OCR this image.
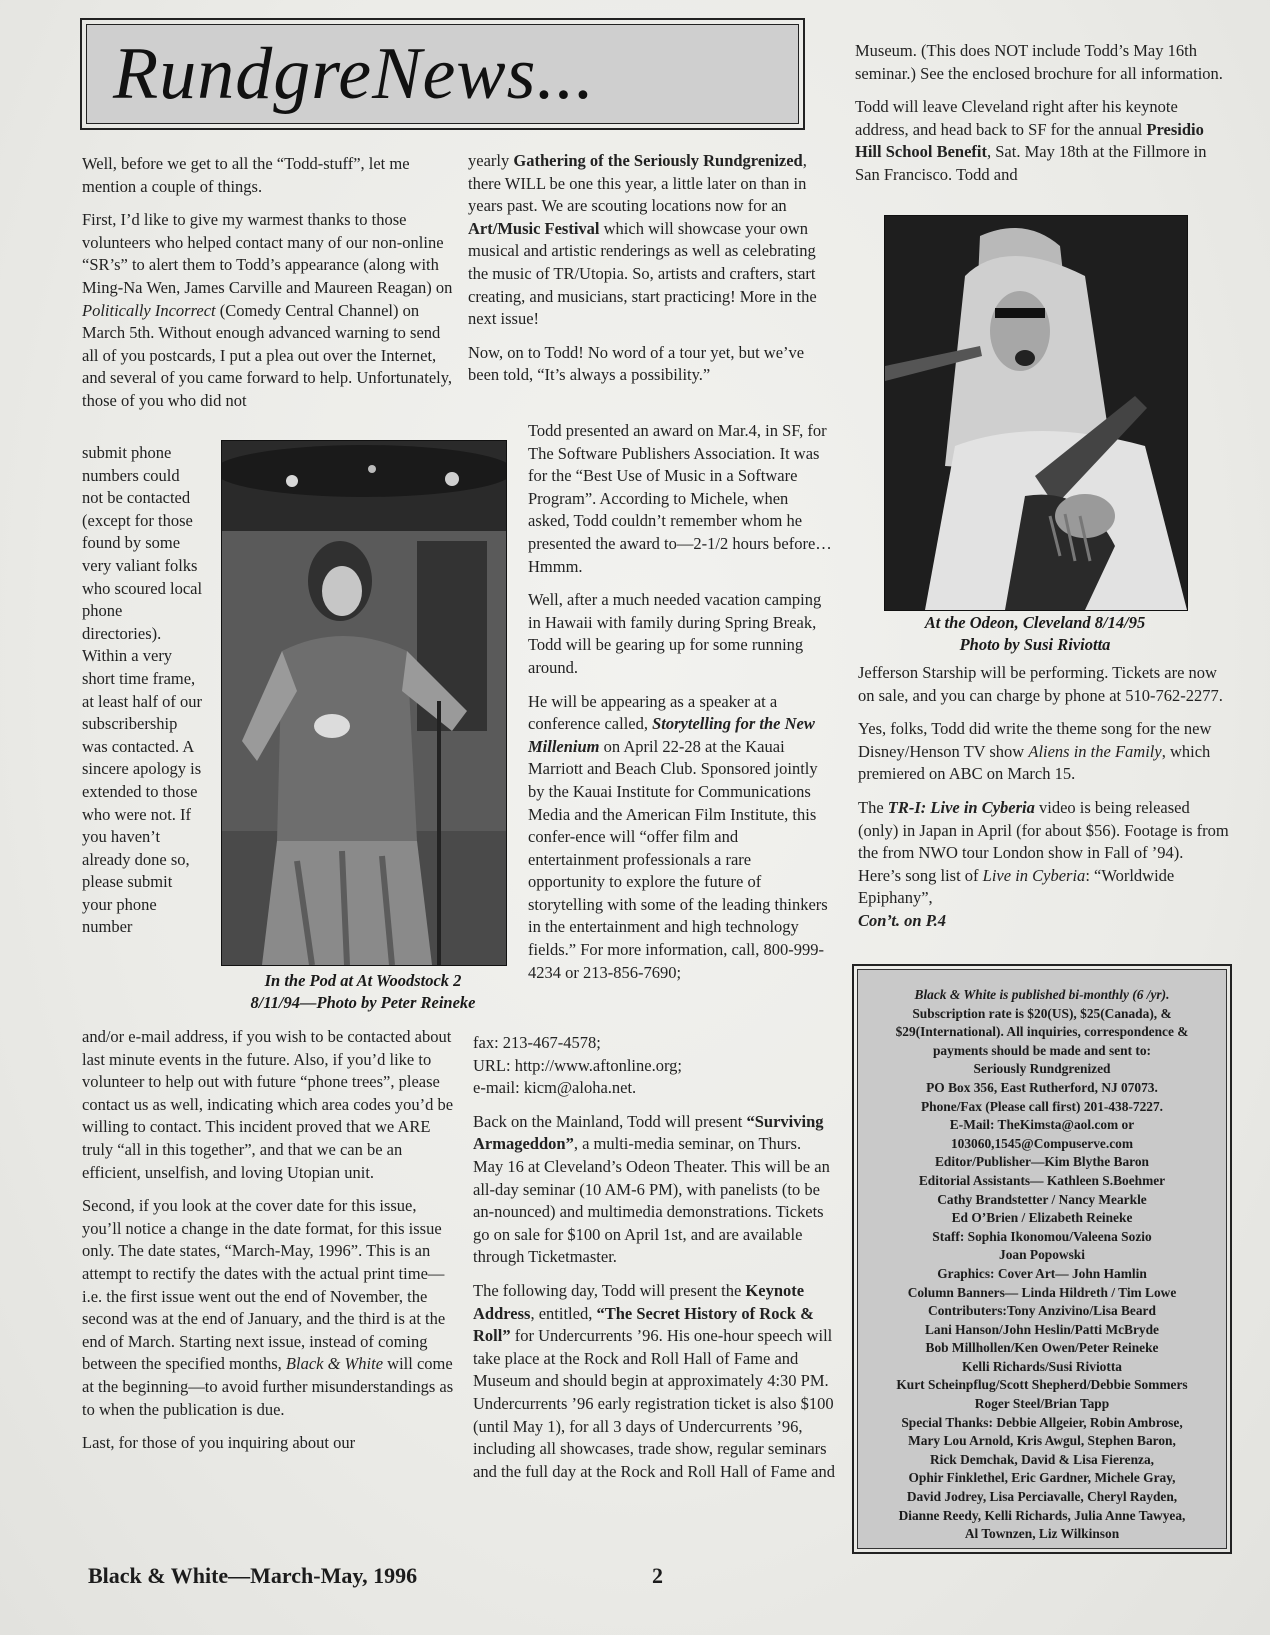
RundgreNews...

Well, before we get to all the “Todd-stuff”, let me mention a couple of things.

First, I’d like to give my warmest thanks to those volunteers who helped contact many of our non-online “SR’s” to alert them to Todd’s appearance (along with Ming-Na Wen, James Carville and Maureen Reagan) on Politically Incorrect (Comedy Central Channel) on March 5th. Without enough advanced warning to send all of you postcards, I put a plea out over the Internet, and several of you came forward to help. Unfortunately, those of you who did not

submit phone numbers could not be contacted (except for those found by some very valiant folks who scoured local phone directories). Within a very short time frame, at least half of our subscribership was contacted. A sincere apology is extended to those who were not. If you haven’t already done so, please submit your phone number

In the Pod at At Woodstock 2
8/11/94—Photo by Peter Reineke

and/or e-mail address, if you wish to be contacted about last minute events in the future. Also, if you’d like to volunteer to help out with future “phone trees”, please contact us as well, indicating which area codes you’d be willing to contact. This incident proved that we ARE truly “all in this together”, and that we can be an efficient, unselfish, and loving Utopian unit.

Second, if you look at the cover date for this issue, you’ll notice a change in the date format, for this issue only. The date states, “March-May, 1996”. This is an attempt to rectify the dates with the actual print time—i.e. the first issue went out the end of November, the second was at the end of January, and the third is at the end of March. Starting next issue, instead of coming between the specified months, Black & White will come at the beginning—to avoid further misunderstandings as to when the publication is due.

Last, for those of you inquiring about our

yearly Gathering of the Seriously Rundgrenized, there WILL be one this year, a little later on than in years past. We are scouting locations now for an Art/Music Festival which will showcase your own musical and artistic renderings as well as celebrating the music of TR/Utopia. So, artists and crafters, start creating, and musicians, start practicing! More in the next issue!

Now, on to Todd! No word of a tour yet, but we’ve been told, “It’s always a possibility.”

Todd presented an award on Mar.4, in SF, for The Software Publishers Association. It was for the “Best Use of Music in a Software Program”. According to Michele, when asked, Todd couldn’t remember whom he presented the award to—2-1/2 hours before…Hmmm.

Well, after a much needed vacation camping in Hawaii with family during Spring Break, Todd will be gearing up for some running around.

He will be appearing as a speaker at a conference called, Storytelling for the New Millenium on April 22-28 at the Kauai Marriott and Beach Club. Sponsored jointly by the Kauai Institute for Communications Media and the American Film Institute, this confer-ence will “offer film and entertainment professionals a rare opportunity to explore the future of storytelling with some of the leading thinkers in the entertainment and high technology fields.” For more information, call, 800-999-4234 or 213-856-7690;

fax: 213-467-4578;
URL: http://www.aftonline.org;
e-mail: kicm@aloha.net.

Back on the Mainland, Todd will present “Surviving Armageddon”, a multi-media seminar, on Thurs. May 16 at Cleveland’s Odeon Theater. This will be an all-day seminar (10 AM-6 PM), with panelists (to be an-nounced) and multimedia demonstrations. Tickets go on sale for $100 on April 1st, and are available through Ticketmaster.

The following day, Todd will present the Keynote Address, entitled, “The Secret History of Rock & Roll” for Undercurrents ’96. His one-hour speech will take place at the Rock and Roll Hall of Fame and Museum and should begin at approximately 4:30 PM. Undercurrents ’96 early registration ticket is also $100 (until May 1), for all 3 days of Undercurrents ’96, including all showcases, trade show, regular seminars and the full day at the Rock and Roll Hall of Fame and

Museum. (This does NOT include Todd’s May 16th seminar.) See the enclosed brochure for all information.

Todd will leave Cleveland right after his keynote address, and head back to SF for the annual Presidio Hill School Benefit, Sat. May 18th at the Fillmore in San Francisco. Todd and

At the Odeon, Cleveland 8/14/95
Photo by Susi Riviotta

Jefferson Starship will be performing. Tickets are now on sale, and you can charge by phone at 510-762-2277.

Yes, folks, Todd did write the theme song for the new Disney/Henson TV show Aliens in the Family, which premiered on ABC on March 15.

The TR-I: Live in Cyberia video is being released (only) in Japan in April (for about $56). Footage is from the from NWO tour London show in Fall of ’94). Here’s song list of Live in Cyberia: “Worldwide Epiphany”,

Con’t. on P.4
Black & White is published bi-monthly (6 /yr).
Subscription rate is $20(US), $25(Canada), &
$29(International). All inquiries, correspondence &
payments should be made and sent to:
Seriously Rundgrenized
PO Box 356, East Rutherford, NJ 07073.
Phone/Fax (Please call first) 201-438-7227.
E-Mail: TheKimsta@aol.com or
103060,1545@Compuserve.com
Editor/Publisher—Kim Blythe Baron
Editorial Assistants— Kathleen S.Boehmer
Cathy Brandstetter / Nancy Mearkle
Ed O’Brien / Elizabeth Reineke
Staff: Sophia Ikonomou/Valeena Sozio
Joan Popowski
Graphics: Cover Art— John Hamlin
Column Banners— Linda Hildreth / Tim Lowe
Contributers:Tony Anzivino/Lisa Beard
Lani Hanson/John Heslin/Patti McBryde
Bob Millhollen/Ken Owen/Peter Reineke
Kelli Richards/Susi Riviotta
Kurt Scheinpflug/Scott Shepherd/Debbie Sommers
Roger Steel/Brian Tapp
Special Thanks: Debbie Allgeier, Robin Ambrose,
Mary Lou Arnold, Kris Awgul, Stephen Baron,
Rick Demchak, David & Lisa Fierenza,
Ophir Finklethel, Eric Gardner, Michele Gray,
David Jodrey, Lisa Perciavalle, Cheryl Rayden,
Dianne Reedy, Kelli Richards, Julia Anne Tawyea,
Al Townzen, Liz Wilkinson
Black & White—March-May, 1996	2
